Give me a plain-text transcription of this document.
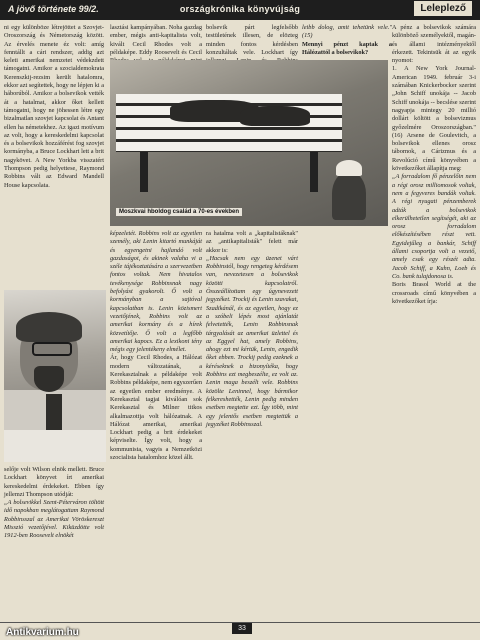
A jövő története 99/2.	országkrónika könyvújság	Leleplező

ni egy különböze létrejöttet a Szovjet-Oroszország és Németország között. Az érvelés menete éz volt: amíg fenntállt a cári rendszer, addig azt keleti amerikai nemzetet védekzdett támogatni. Amikor a szocialdemokrata Kerenszkij-rezsim került hatalomra, ekkor azt segítettek, hogy ne lépjen ki a háborúból. Amikor a bolsevikok vették át a hatalmat, akkor őket kellett támogatni, hogy ne jöhessen létre egy bizalmatlan szovjet kapcsolat és Antant ellen ha németekhez. Az igazi motívum az volt, hogy a kereskedelmi kapcsolat és a bolsevikok hozzáférést fog szovjet kormányba, a Bruce Lockhart lett a brit nagykövet. A New Yorkba visszatért Thompson pedig helyettese, Raymond Robbins vált az Edward Mandell House kapcsolata.

selője volt Wilson elnök mellett. Bruce Lockhart könyvet írt amerikai kereskedelmi érdekeket. Ebben így jellemzi Thompson utódját:

„A bolsevikkel Szent-Péterváron töltött idő napokban meglátogattam Raymond Robbinsszal az Amerikai Vöröskereszt Misszió vezetőjével. Kiküzdötte volt 1912-ben Roosevelt elnökét

lasztási kampányában. Noha gazdag ember, mégis anti-kapitalista volt, kivált Cecil Rhodes volt a példaképe. Eddy Roosevelt és Cecil

bolsevik párt legfelsőbb testületének illesen, de elözteg minden fontos kérdésben konzultáltak vele. Lockhart így

Moszkvai hboldog család a 70-es években

leibb dolog, amit tehetünk vele." (15)

Mennyi pénzt kaptak a Hálózattól a bolsevikok?

képzeletét. Robbins volt az egyetlen személy, aki Lenin kitartó munkáját és egyengetni hajlandó volt gazdaságot, és akinek valaha vi a széle tájékoztatására a szervezetben fontos voltak. Nem hivatalos tevékenysége Robbinsnak nagy befolyást gyakorolt. Ő volt a kormányban a sajtóval kapcsolatban is. Lenin közismert vezetőjének, Robbins volt az amerikai kormány és a hírek közvetítője. Ő volt a legfőbb amerikai kapocs. Ez a lexikoni tény mégis egy jelentékeny elmélet.

Ár, hogy Cecil Rhodes, a Hálózat modern változatának, a Kerekasztalnak a példaképe volt Robbins példaképe, nem egyszerűen az egyetlen ember eredménye. A Kerekasztal tagjai kiválóan sok Kerekasztal és Milner titkos alkalmazottja volt hálózatnak. A Hálózat amerikai, amerikai Lockhart pedig a brit érdekeket képviselte. Így volt, hogy a kommunista, vagyis a Nemzetközi szocialista hatalomhoz közel állt.

ra hatalma volt a „kapitalistáknak" az „antikapitalisták" felett már akkor is:

„Hacsak nem egy üzenet várt Robbinstól, hogy rengeteg kérdésem van, nevezetesen a bolsevikok közötti kapcsolatról. Összeállítottam egy úgynevezett jegyzéket. Trockij és Lenin szavakat, Szadikánál, és az egyetlen, hogy ez a szóbeli lépés most ajánlatát felvetették, Lenin Robbinsnak tárgyalását az amerikai üzlettel és az Eggyel hat, amely Robbins, ahogy ezt mi kértük, Lenin, engedik őket ebben. Trockij pedig ezeknek a kéréseknek a bizonyítéka, hogy Robbins ezt megbeszélte, ez volt az. Lenin maga beszélt vele. Robbins közölte Leninnel, hogy bármikor felkereshették, Lenin pedig minden esetben megtette ezt. Így több, mint egy jelentős esetben megtettük a jegyzéket Robbinsszal.

A pénz a bolsevikok számára különböző személyektől, magán- és állami intézményektől érkezett. Tekintsük át az egyik nyomot:

1. A New York Journal-American 1949. február 3-i számában Knickerbocker szerint „John Schiff unokája -- Jacob Schiff unokája -- becslése szerint nagyapja mintegy 20 millió dollárt költött a bolsevizmus győzelmére Oroszországban." (16) Arsene de Goulevitch, a bolsevikok ellenes orosz tábornok, a Cárizmus és a Revolúció című könyvében a következőket állapítja meg:

„A forradalom fő pénzelőin nem a régi orosz milliomosok voltak, nem a fegyveres bandák voltak. A régi nyugati pénzemberek adták a bolsevikok elkerülhetetlen segítségét, aki az orosz forradalom előkészítésében részt vett. Egyidejűleg a bankár, Schiff állami csoportja volt a vezető, amely csak egy részét adta. Jacob Schiff, a Kuhn, Loeb és Co. bank tulajdonosa is.

Boris Brasol World at the crossroads című könyvében a következőket írja:

33
Antikvarium.hu
